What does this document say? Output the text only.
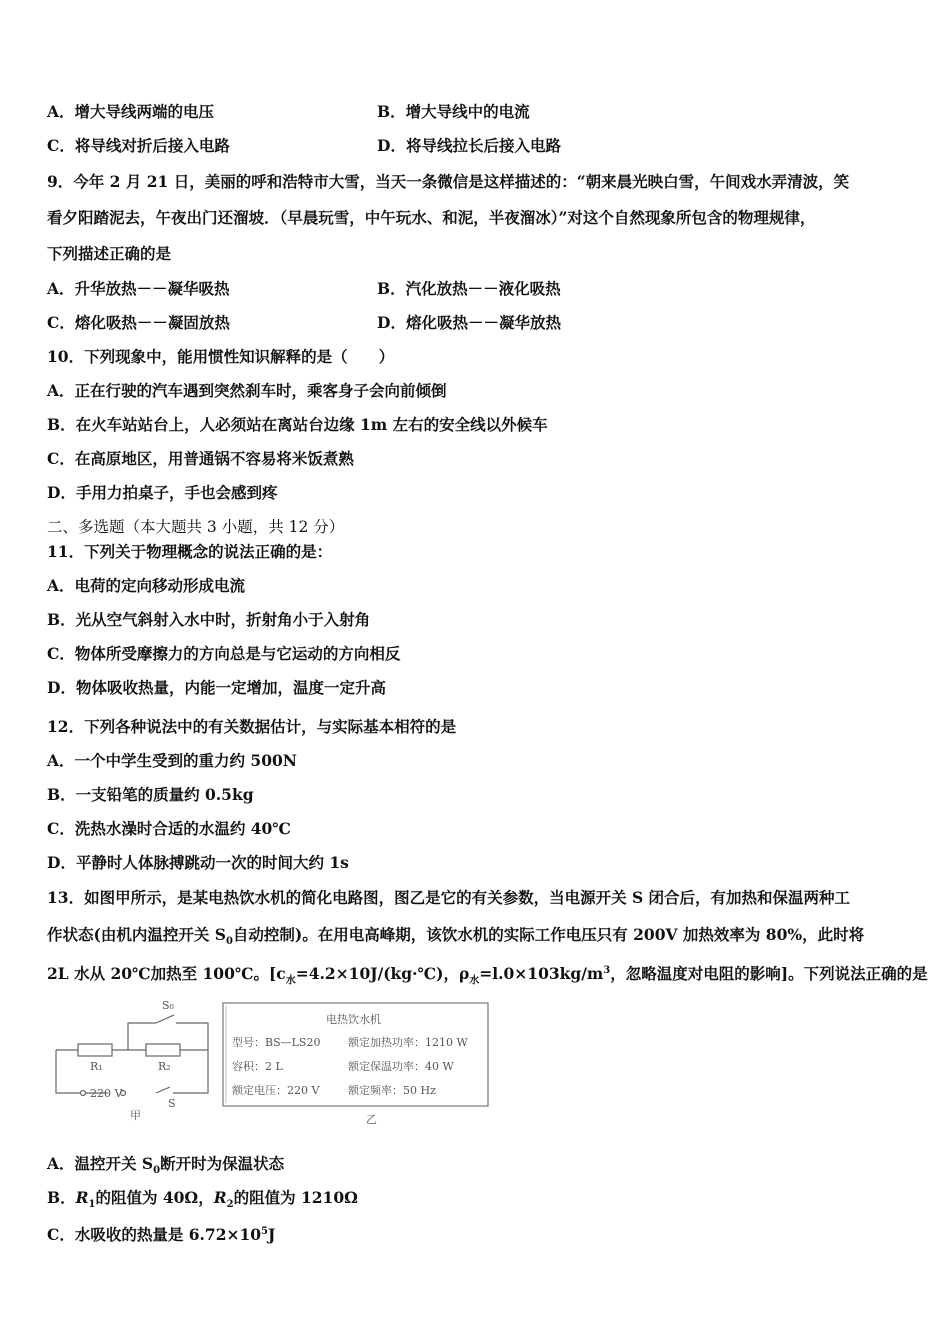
A．增大导线两端的电压	B．增大导线中的电流
C．将导线对折后接入电路	D．将导线拉长后接入电路
9．今年 2 月 21 日，美丽的呼和浩特市大雪，当天一条微信是这样描述的：“朝来晨光映白雪，午间戏水弄清波，笑
看夕阳踏泥去，午夜出门还溜坡．（早晨玩雪，中午玩水、和泥，半夜溜冰）”对这个自然现象所包含的物理规律，
下列描述正确的是
A．升华放热－－凝华吸热	B．汽化放热－－液化吸热
C．熔化吸热－－凝固放热	D．熔化吸热－－凝华放热
10．下列现象中，能用惯性知识解释的是（　　）
A．正在行驶的汽车遇到突然刹车时，乘客身子会向前倾倒
B．在火车站站台上，人必须站在离站台边缘 1m 左右的安全线以外候车
C．在高原地区，用普通锅不容易将米饭煮熟
D．手用力拍桌子，手也会感到疼
二、多选题（本大题共 3 小题，共 12 分）
11．下列关于物理概念的说法正确的是：
A．电荷的定向移动形成电流
B．光从空气斜射入水中时，折射角小于入射角
C．物体所受摩擦力的方向总是与它运动的方向相反
D．物体吸收热量，内能一定增加，温度一定升高
12．下列各种说法中的有关数据估计，与实际基本相符的是
A．一个中学生受到的重力约 500N
B．一支铅笔的质量约 0.5kg
C．洗热水澡时合适的水温约 40℃
D．平静时人体脉搏跳动一次的时间大约 1s
13．如图甲所示，是某电热饮水机的简化电路图，图乙是它的有关参数，当电源开关 S 闭合后，有加热和保温两种工
作状态(由机内温控开关 $S_0$自动控制)。在用电高峰期，该饮水机的实际工作电压只有 200V 加热效率为 80%，此时将
2L 水从 20℃加热至 100℃。[$c_水=4.2\times 10J/(kg\cdot℃)$，$\rho_水=l.0\times 103kg/m^3$，忽略温度对电阻的影响]。下列说法正确的是
S₀
R₁	R₂
220 V
S
甲
电热饮水机
型号：BS—LS20	额定加热功率：1210 W
容积：2 L	额定保温功率：40 W
额定电压：220 V	额定频率：50 Hz
乙
A．温控开关 $S_0$断开时为保温状态
B．$R_1$的阻值为 40Ω，$R_2$的阻值为 1210Ω
C．水吸收的热量是 $6.72\times 10^5J$
